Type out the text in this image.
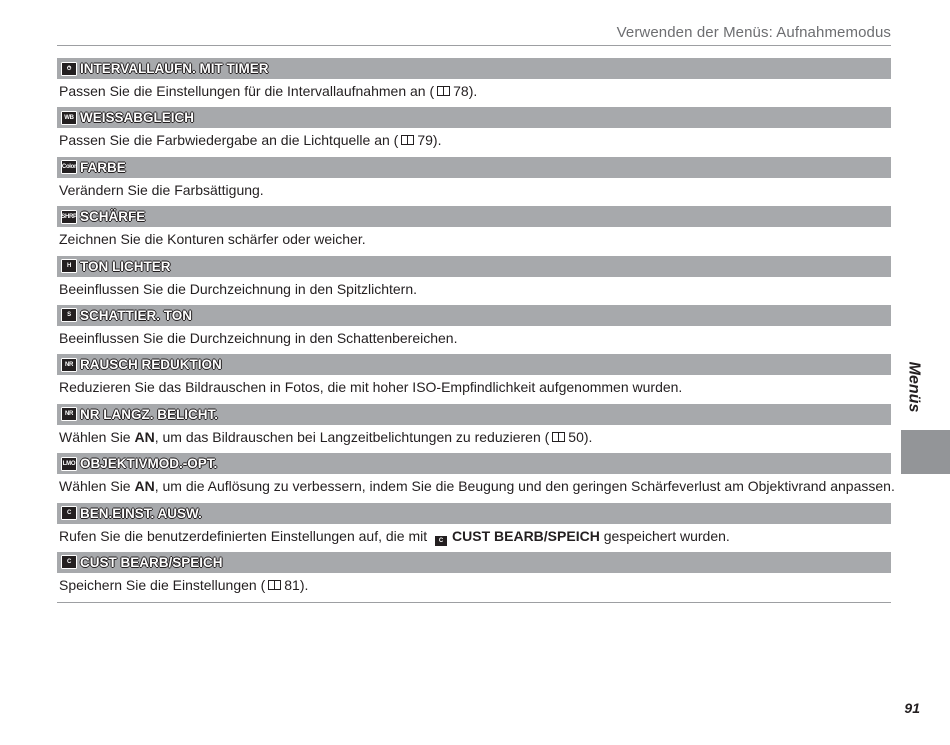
Verwenden der Menüs: Aufnahmemodus
⏱ INTERVALLAUFN. MIT TIMER
Passen Sie die Einstellungen für die Intervallaufnahmen an ( 78).
WB WEISSABGLEICH
Passen Sie die Farbwiedergabe an die Lichtquelle an ( 79).
Color FARBE
Verändern Sie die Farbsättigung.
SHRP SCHÄRFE
Zeichnen Sie die Konturen schärfer oder weicher.
H TON LICHTER
Beeinflussen Sie die Durchzeichnung in den Spitzlichtern.
S SCHATTIER. TON
Beeinflussen Sie die Durchzeichnung in den Schattenbereichen.
NR RAUSCH REDUKTION
Reduzieren Sie das Bildrauschen in Fotos, die mit hoher ISO-Empfindlichkeit aufgenommen wurden.
NR NR LANGZ. BELICHT.
Wählen Sie AN, um das Bildrauschen bei Langzeitbelichtungen zu reduzieren ( 50).
LMO OBJEKTIVMOD.-OPT.
Wählen Sie AN, um die Auflösung zu verbessern, indem Sie die Beugung und den geringen Schärfeverlust am Objektivrand anpassen.
C BEN.EINST. AUSW.
Rufen Sie die benutzerdefinierten Einstellungen auf, die mit C CUST BEARB/SPEICH gespeichert wurden.
C CUST BEARB/SPEICH
Speichern Sie die Einstellungen ( 81).
Menüs
91
